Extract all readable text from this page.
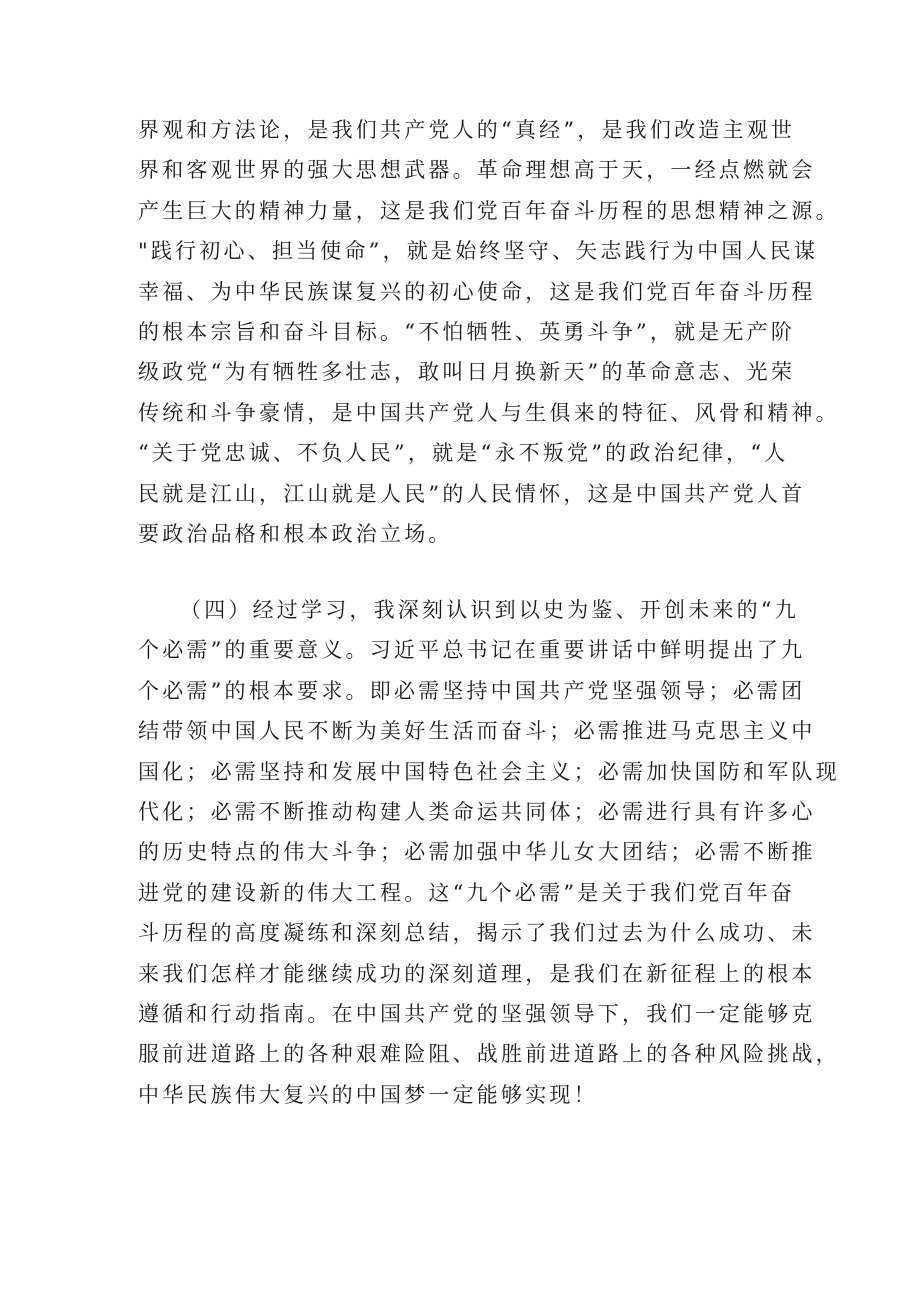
界观和方法论，是我们共产党人的“真经”，是我们改造主观世
界和客观世界的强大思想武器。革命理想高于天，一经点燃就会
产生巨大的精神力量，这是我们党百年奋斗历程的思想精神之源。
"践行初心、担当使命”，就是始终坚守、矢志践行为中国人民谋
幸福、为中华民族谋复兴的初心使命，这是我们党百年奋斗历程
的根本宗旨和奋斗目标。“不怕牺牲、英勇斗争”，就是无产阶
级政党“为有牺牲多壮志，敢叫日月换新天”的革命意志、光荣
传统和斗争豪情，是中国共产党人与生俱来的特征、风骨和精神。
“关于党忠诚、不负人民”，就是“永不叛党”的政治纪律，“人
民就是江山，江山就是人民”的人民情怀，这是中国共产党人首
要政治品格和根本政治立场。
（四）经过学习，我深刻认识到以史为鉴、开创未来的“九
个必需”的重要意义。习近平总书记在重要讲话中鲜明提出了九
个必需”的根本要求。即必需坚持中国共产党坚强领导；必需团
结带领中国人民不断为美好生活而奋斗；必需推进马克思主义中
国化；必需坚持和发展中国特色社会主义；必需加快国防和军队现
代化；必需不断推动构建人类命运共同体；必需进行具有许多心
的历史特点的伟大斗争；必需加强中华儿女大团结；必需不断推
进党的建设新的伟大工程。这“九个必需”是关于我们党百年奋
斗历程的高度凝练和深刻总结，揭示了我们过去为什么成功、未
来我们怎样才能继续成功的深刻道理，是我们在新征程上的根本
遵循和行动指南。在中国共产党的坚强领导下，我们一定能够克
服前进道路上的各种艰难险阻、战胜前进道路上的各种风险挑战，
中华民族伟大复兴的中国梦一定能够实现！
